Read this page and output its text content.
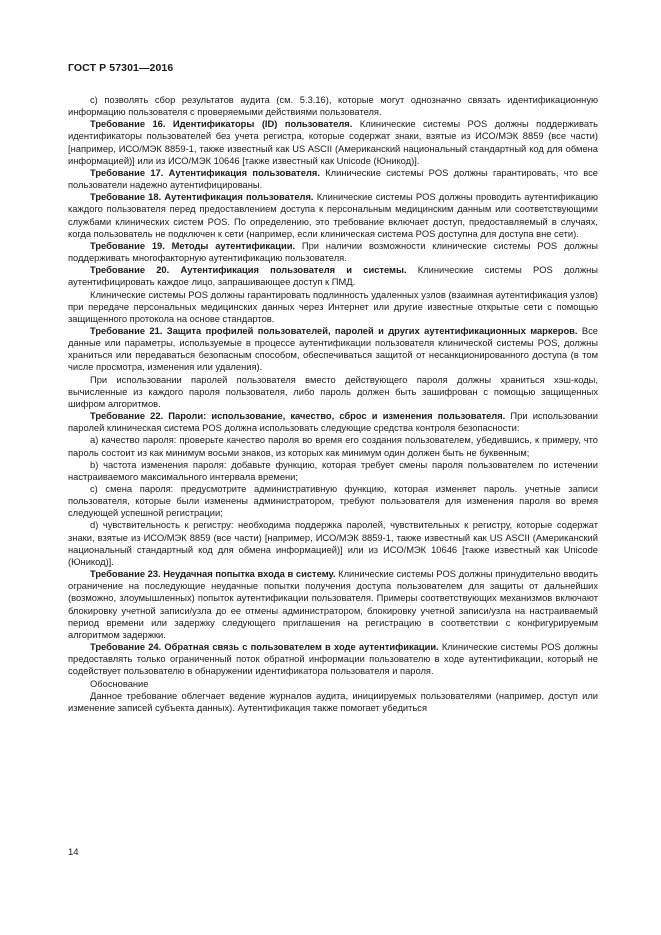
ГОСТ Р 57301—2016

с) позволять сбор результатов аудита (см. 5.3.16), которые могут однозначно связать идентификационную информацию пользователя с проверяемыми действиями пользователя.

Требование 16. Идентификаторы (ID) пользователя. Клинические системы POS должны поддерживать идентификаторы пользователей без учета регистра, которые содержат знаки, взятые из ИСО/МЭК 8859 (все части) [например, ИСО/МЭК 8859-1, также известный как US ASCII (Американский национальный стандартный код для обмена информацией)] или из ИСО/МЭК 10646 [также известный как Unicode (Юникод)].

Требование 17. Аутентификация пользователя. Клинические системы POS должны гарантировать, что все пользователи надежно аутентифицированы.

Требование 18. Аутентификация пользователя. Клинические системы POS должны проводить аутентификацию каждого пользователя перед предоставлением доступа к персональным медицинским данным или соответствующими службами клинических систем POS. По определению, это требование включает доступ, предоставляемый в случаях, когда пользователь не подключен к сети (например, если клиническая система POS доступна для доступа вне сети).

Требование 19. Методы аутентификации. При наличии возможности клинические системы POS должны поддерживать многофакторную аутентификацию пользователя.

Требование 20. Аутентификация пользователя и системы. Клинические системы POS должны аутентифицировать каждое лицо, запрашивающее доступ к ПМД.

Клинические системы POS должны гарантировать подлинность удаленных узлов (взаимная аутентификация узлов) при передаче персональных медицинских данных через Интернет или другие известные открытые сети с помощью защищенного протокола на основе стандартов.

Требование 21. Защита профилей пользователей, паролей и других аутентификационных маркеров. Все данные или параметры, используемые в процессе аутентификации пользователя клинической системы POS, должны храниться или передаваться безопасным способом, обеспечиваться защитой от несанкционированного доступа (в том числе просмотра, изменения или удаления).

При использовании паролей пользователя вместо действующего пароля должны храниться хэш-коды, вычисленные из каждого пароля пользователя, либо пароль должен быть зашифрован с помощью защищенных шифром алгоритмов.

Требование 22. Пароли: использование, качество, сброс и изменения пользователя. При использовании паролей клиническая система POS должна использовать следующие средства контроля безопасности:

а) качество пароля: проверьте качество пароля во время его создания пользователем, убедившись, к примеру, что пароль состоит из как минимум восьми знаков, из которых как минимум один должен быть не буквенным;

b) частота изменения пароля: добавьте функцию, которая требует смены пароля пользователем по истечении настраиваемого максимального интервала времени;

с) смена пароля: предусмотрите административную функцию, которая изменяет пароль. учетные записи пользователя, которые были изменены администратором, требуют пользователя для изменения пароля во время следующей успешной регистрации;

d) чувствительность к регистру: необходима поддержка паролей, чувствительных к регистру, которые содержат знаки, взятые из ИСО/МЭК 8859 (все части) [например, ИСО/МЭК 8859-1, также известный как US ASCII (Американский национальный стандартный код для обмена информацией)] или из ИСО/МЭК 10646 [также известный как Unicode (Юникод)].

Требование 23. Неудачная попытка входа в систему. Клинические системы POS должны принудительно вводить ограничение на последующие неудачные попытки получения доступа пользователем для защиты от дальнейших (возможно, злоумышленных) попыток аутентификации пользователя. Примеры соответствующих механизмов включают блокировку учетной записи/узла до ее отмены администратором, блокировку учетной записи/узла на настраиваемый период времени или задержку следующего приглашения на регистрацию в соответствии с конфигурируемым алгоритмом задержки.

Требование 24. Обратная связь с пользователем в ходе аутентификации. Клинические системы POS должны предоставлять только ограниченный поток обратной информации пользователю в ходе аутентификации, который не содействует пользователю в обнаружении идентификатора пользователя и пароля.

Обоснование

Данное требование облегчает ведение журналов аудита, инициируемых пользователями (например, доступ или изменение записей субъекта данных). Аутентификация также помогает убедиться

14
